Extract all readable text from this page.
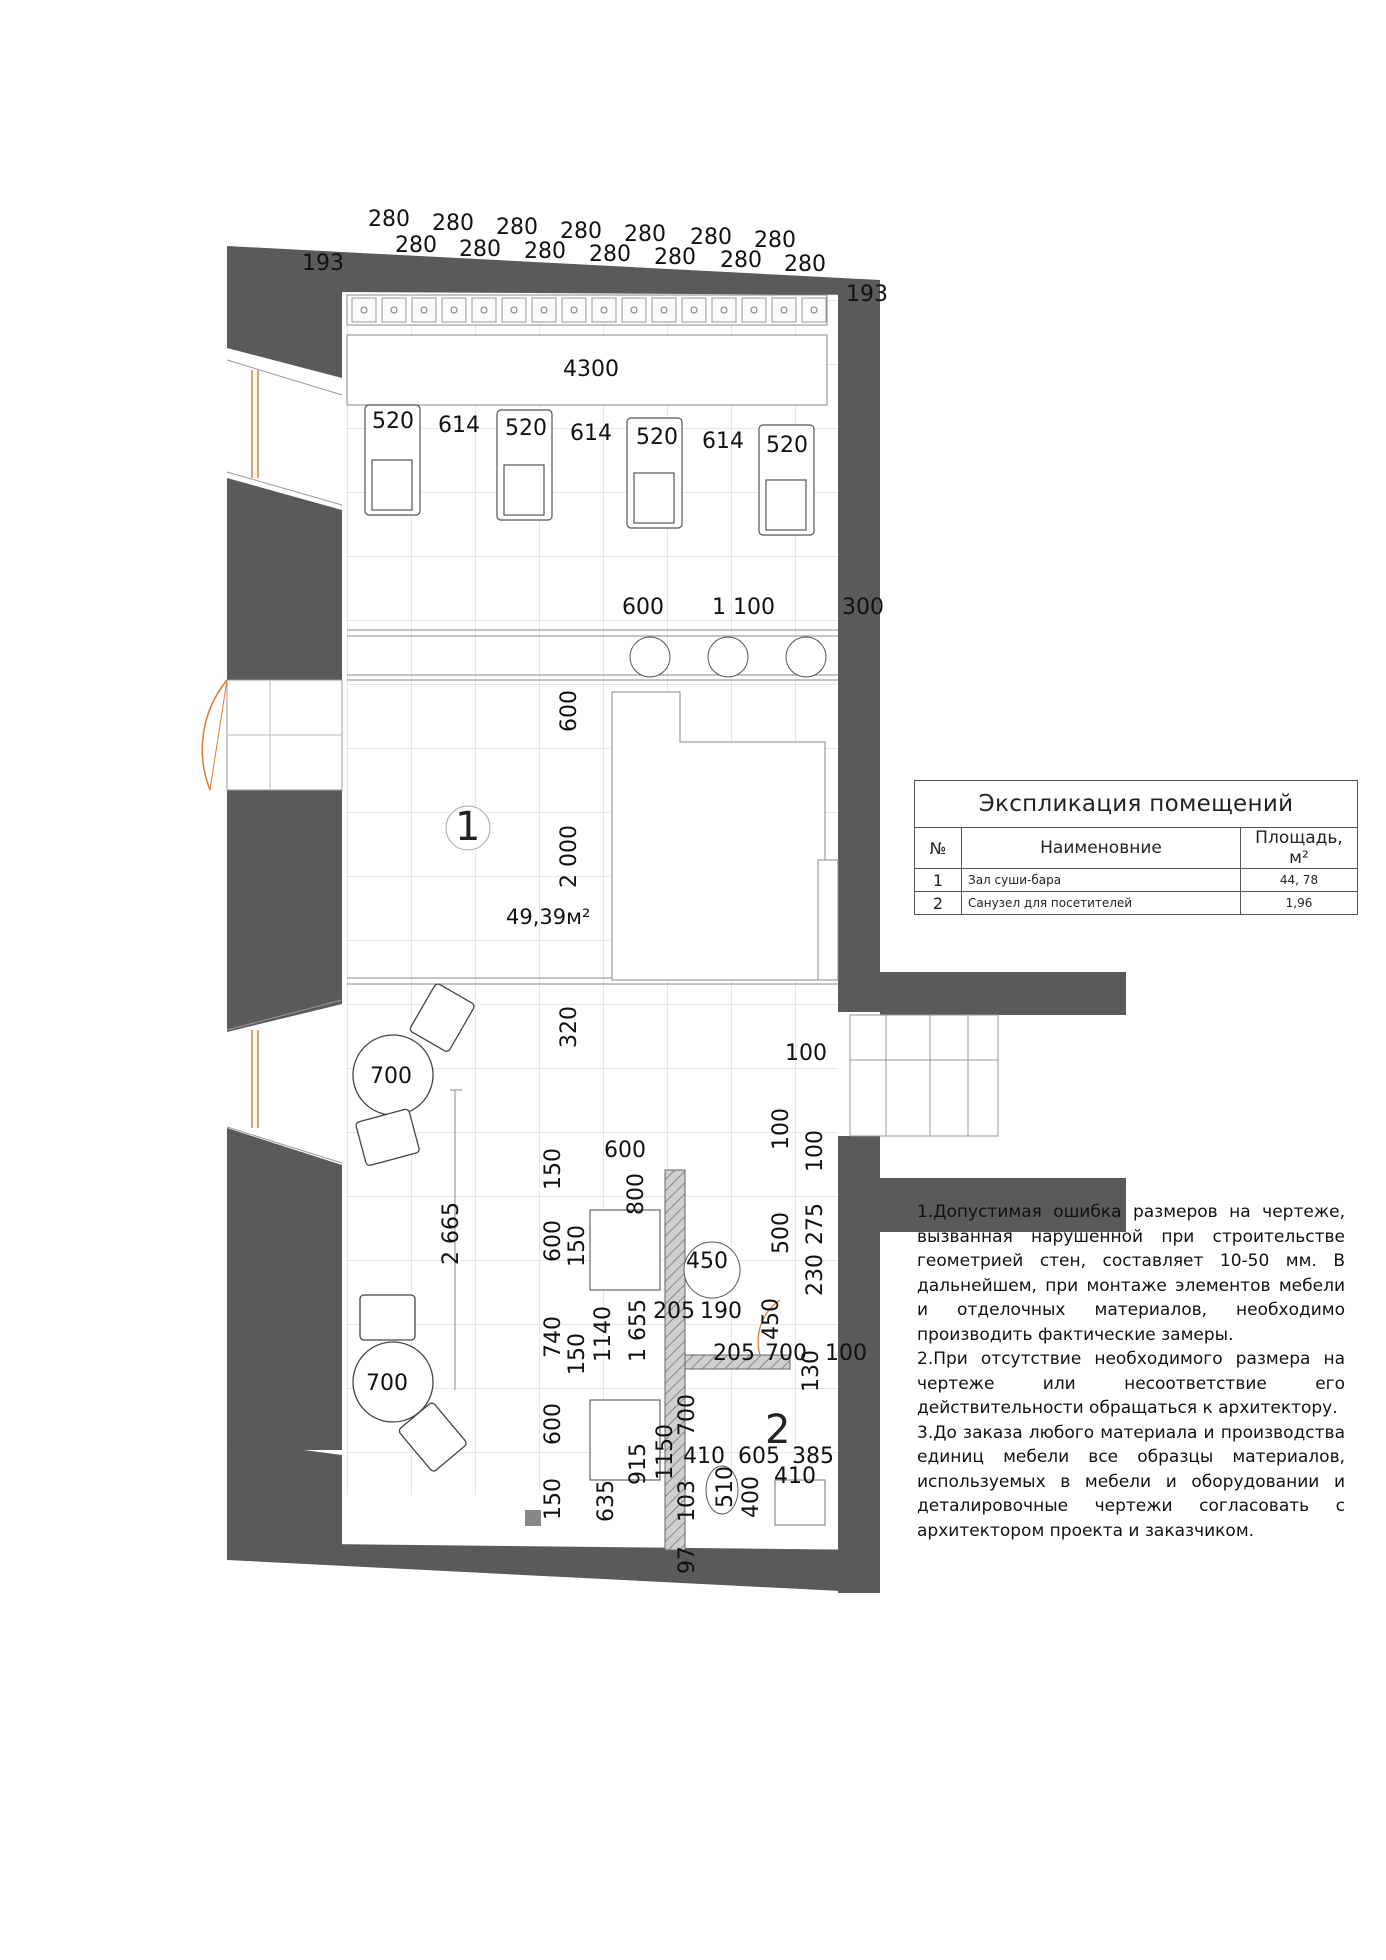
280 280 280 280 280 280 280
280 280 280 280 280 280 280
193
193
4300
520 614 520 614 520 614 520
600 1 100	300
600
2 000
320
700
700
2 665
100
600
150
800
600 150	450
100
100
500 275
230
205 190 450
740 150 1140 1 655	205 700 100
130
600	700
1150
915 410 605 385
410
635	103 510 400
150
97
1
49,39м²
2
Экспликация помещений		
№	Наименовние	Площадь, м²
1	Зал суши-бара	44, 78
2	Санузел для посетителей	1,96

1.Допустимая ошибка размеров на чертеже, вызванная нарушенной при строительстве геометрией стен, составляет 10-50 мм. В дальнейшем, при монтаже элементов мебели и отделочных материалов, необходимо производить фактические замеры.

2.При отсутствие необходимого размера на чертеже или несоответствие его действительности обращаться к архитектору.

3.До заказа любого материала и производства единиц мебели все образцы материалов, используемых в мебели и оборудовании и деталировочные чертежи согласовать с архитектором проекта и заказчиком.
